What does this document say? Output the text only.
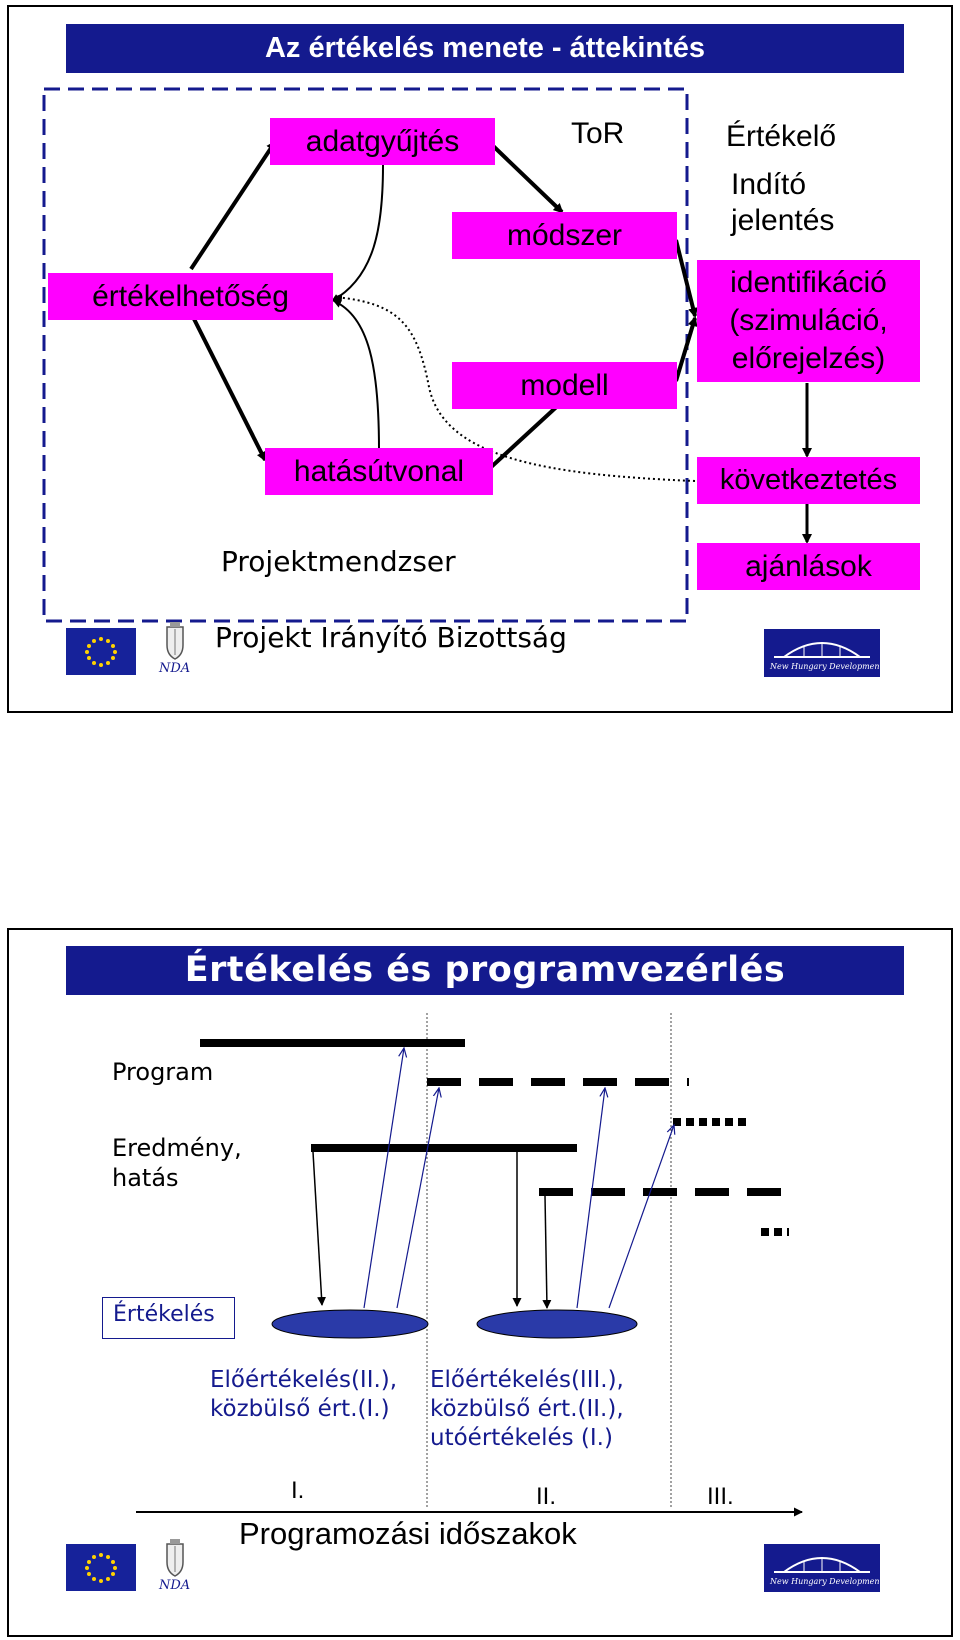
Az értékelés menete - áttekintés
adatgyűjtés
értékelhetőség
módszer
modell
hatásútvonal
identifikáció
(szimuláció,
előrejelzés)
következtetés
ajánlások
ToR	Értékelő
Indító
jelentés
Projektmendzser
Projekt Irányító Bizottság
NDA	New Hungary Development Plan
Értékelés és programvezérlés
Program
Eredmény,
hatás
Értékelés
Előértékelés(II.),
közbülső ért.(I.)
Előértékelés(III.),
közbülső ért.(II.),
utóértékelés (I.)
I.	II.	III.
Programozási időszakok
NDA	New Hungary Development Plan
